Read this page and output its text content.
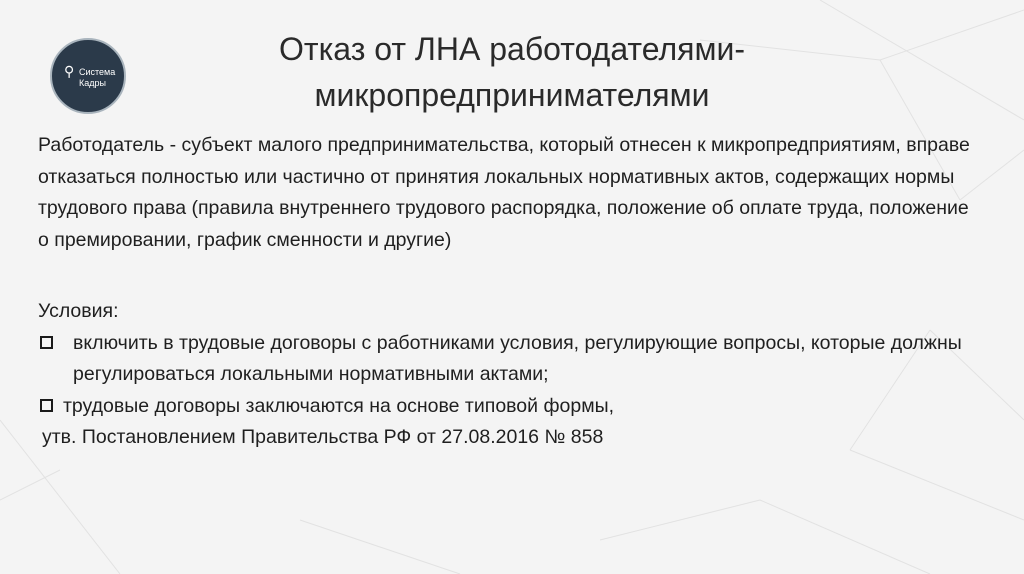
⚲ Система
Кадры
Отказ от ЛНА работодателями-
микропредпринимателями

Работодатель - субъект малого предпринимательства, который отнесен к микропредприятиям, вправе отказаться полностью или частично от принятия локальных нормативных актов, содержащих нормы трудового права (правила внутреннего трудового распорядка, положение об оплате труда, положение о премировании, график сменности и другие)

Условия:

включить в трудовые договоры с работниками условия, регулирующие вопросы, которые должны регулироваться локальными нормативными актами;
трудовые договоры заключаются на основе типовой формы,

утв. Постановлением Правительства РФ от 27.08.2016 № 858
